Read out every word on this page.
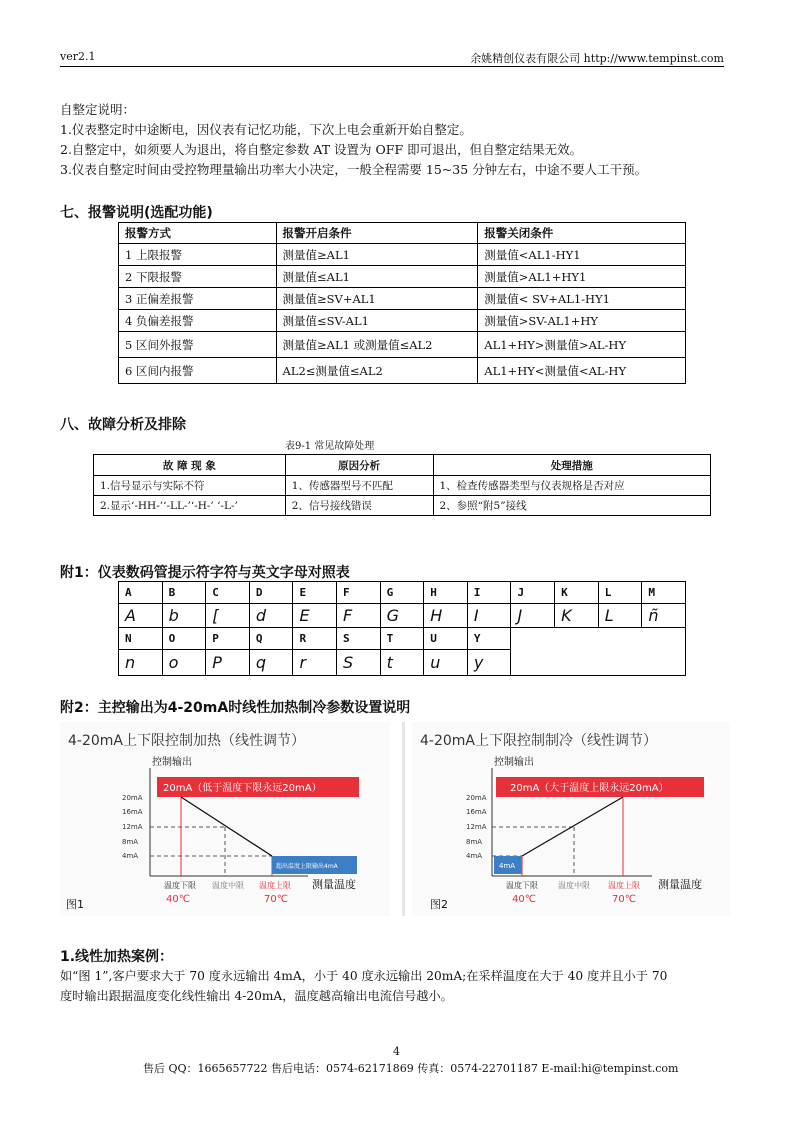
ver2.1	余姚精创仪表有限公司 http://www.tempinst.com
自整定说明：
1.仪表整定时中途断电，因仪表有记忆功能，下次上电会重新开始自整定。
2.自整定中，如须要人为退出，将自整定参数 AT 设置为 OFF 即可退出，但自整定结果无效。
3.仪表自整定时间由受控物理量输出功率大小决定，一般全程需要 15~35 分钟左右，中途不要人工干预。
七、报警说明(选配功能)
报警方式	报警开启条件	报警关闭条件
1 上限报警	测量值≥AL1	测量值<AL1-HY1
2 下限报警	测量值≤AL1	测量值>AL1+HY1
3 正偏差报警	测量值≥SV+AL1	测量值< SV+AL1-HY1
4 负偏差报警	测量值≤SV-AL1	测量值>SV-AL1+HY
5 区间外报警	测量值≥AL1 或测量值≤AL2	AL1+HY>测量值>AL-HY
6 区间内报警	AL2≤测量值≤AL2	AL1+HY<测量值<AL-HY
八、故障分析及排除
表9-1 常见故障处理
故 障 现 象	原因分析	处理措施
1.信号显示与实际不符	1、传感器型号不匹配	1、检查传感器类型与仪表规格是否对应
2.显示‘-HH-’‘-LL-’‘-H-’ ‘-L-’	2、信号接线错误	2、参照“附5”接线
附1：仪表数码管提示符字符与英文字母对照表
A	B	C	D	E	F	G	H	I	J	K	L	M
A	b	[	d	E	F	G	H	I	J	K	L	ñ
N	O	P	Q	R	S	T	U	Y				
n	o	P	q	r	S	t	u	y				
附2：主控输出为4-20mA时线性加热制冷参数设置说明
4-20mA上下限控制加热（线性调节）
控制输出
20mA（低于温度下限永远20mA）
20mA
16mA
12mA
8mA
4mA
超出温度上限输出4mA
温度下限 温度中限 温度上限 测量温度
40℃	70℃
图1
4-20mA上下限控制制冷（线性调节）
控制输出
20mA（大于温度上限永远20mA）
20mA
16mA
12mA
8mA
4mA
4mA
温度下限	温度中限 温度上限 测量温度
40℃	70℃
图2
1.线性加热案例：
如“图 1”,客户要求大于 70 度永远输出 4mA，小于 40 度永远输出 20mA;在采样温度在大于 40 度并且小于 70
度时输出跟据温度变化线性输出 4-20mA，温度越高输出电流信号越小。
4
售后 QQ：1665657722 售后电话：0574-62171869 传真：0574-22701187 E-mail:hi@tempinst.com
